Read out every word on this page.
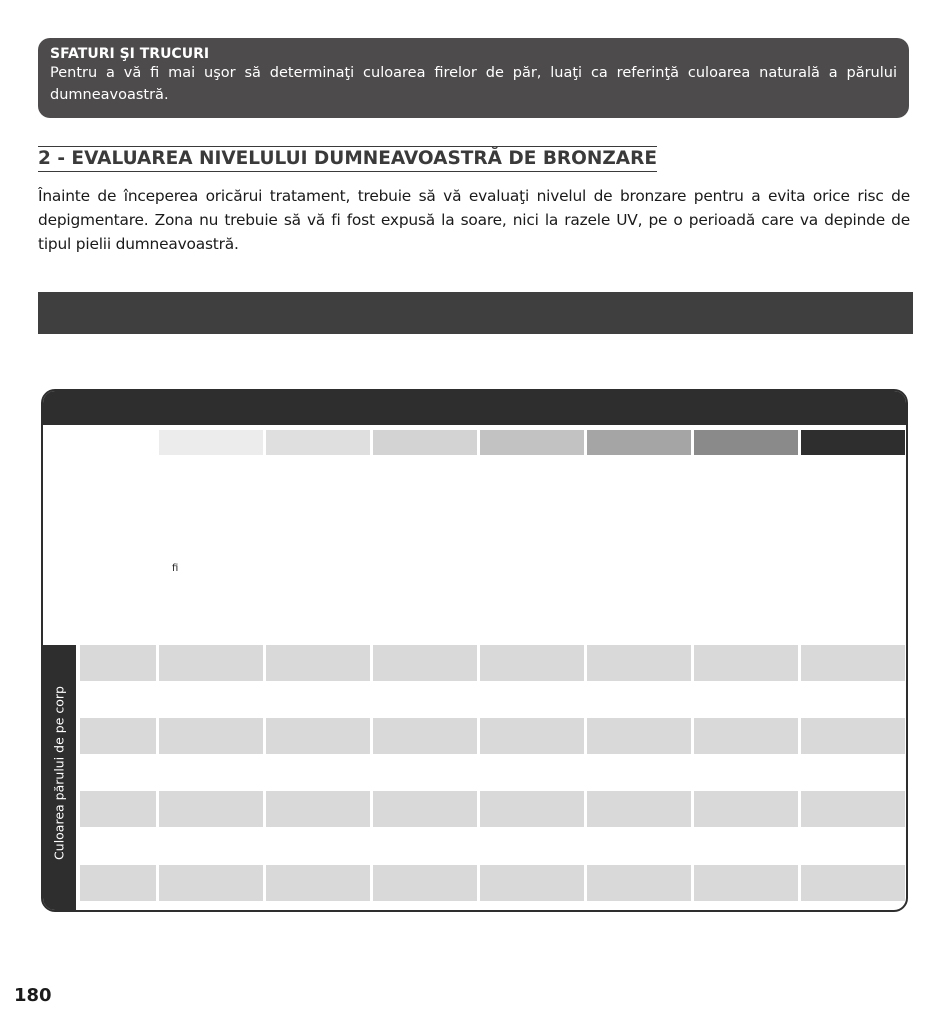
SFATURI ŞI TRUCURI
Pentru a vă fi mai uşor să determinaţi culoarea firelor de păr, luaţi ca referinţă culoarea naturală a părului dumneavoastră.
2 - EVALUAREA NIVELULUI DUMNEAVOASTRĂ DE BRONZARE
Înainte de începerea oricărui tratament, trebuie să vă evaluaţi nivelul de bronzare pentru a evita orice risc de depigmentare. Zona nu trebuie să vă fi fost expusă la soare, nici la razele UV, pe o perioadă care va depinde de tipul pielii dumneavoastră.
fi
Culoarea părului de pe corp
180
